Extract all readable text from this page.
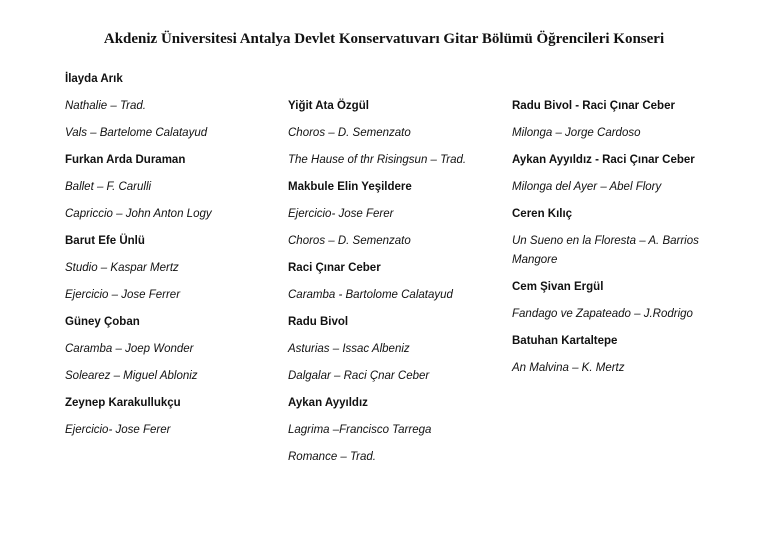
Akdeniz Üniversitesi Antalya Devlet Konservatuvarı Gitar Bölümü Öğrencileri Konseri
İlayda Arık
Nathalie – Trad.
Vals – Bartelome Calatayud
Furkan Arda Duraman
Ballet – F. Carulli
Capriccio – John Anton Logy
Barut Efe Ünlü
Studio – Kaspar Mertz
Ejercicio – Jose Ferrer
Güney Çoban
Caramba – Joep Wonder
Solearez – Miguel Abloniz
Zeynep Karakullukçu
Ejercicio- Jose Ferer
Yiğit Ata Özgül
Choros – D. Semenzato
The Hause of thr Risingsun – Trad.
Makbule Elin Yeşildere
Ejercicio- Jose Ferer
Choros – D. Semenzato
Raci Çınar Ceber
Caramba - Bartolome Calatayud
Radu Bivol
Asturias – Issac Albeniz
Dalgalar – Raci Çnar Ceber
Aykan Ayyıldız
Lagrima –Francisco Tarrega
Romance – Trad.
Radu Bivol - Raci Çınar Ceber
Milonga – Jorge Cardoso
Aykan Ayyıldız - Raci Çınar Ceber
Milonga del Ayer – Abel Flory
Ceren Kılıç
Un Sueno en la Floresta – A. Barrios Mangore
Cem Şivan Ergül
Fandago ve Zapateado – J.Rodrigo
Batuhan Kartaltepe
An Malvina – K. Mertz
